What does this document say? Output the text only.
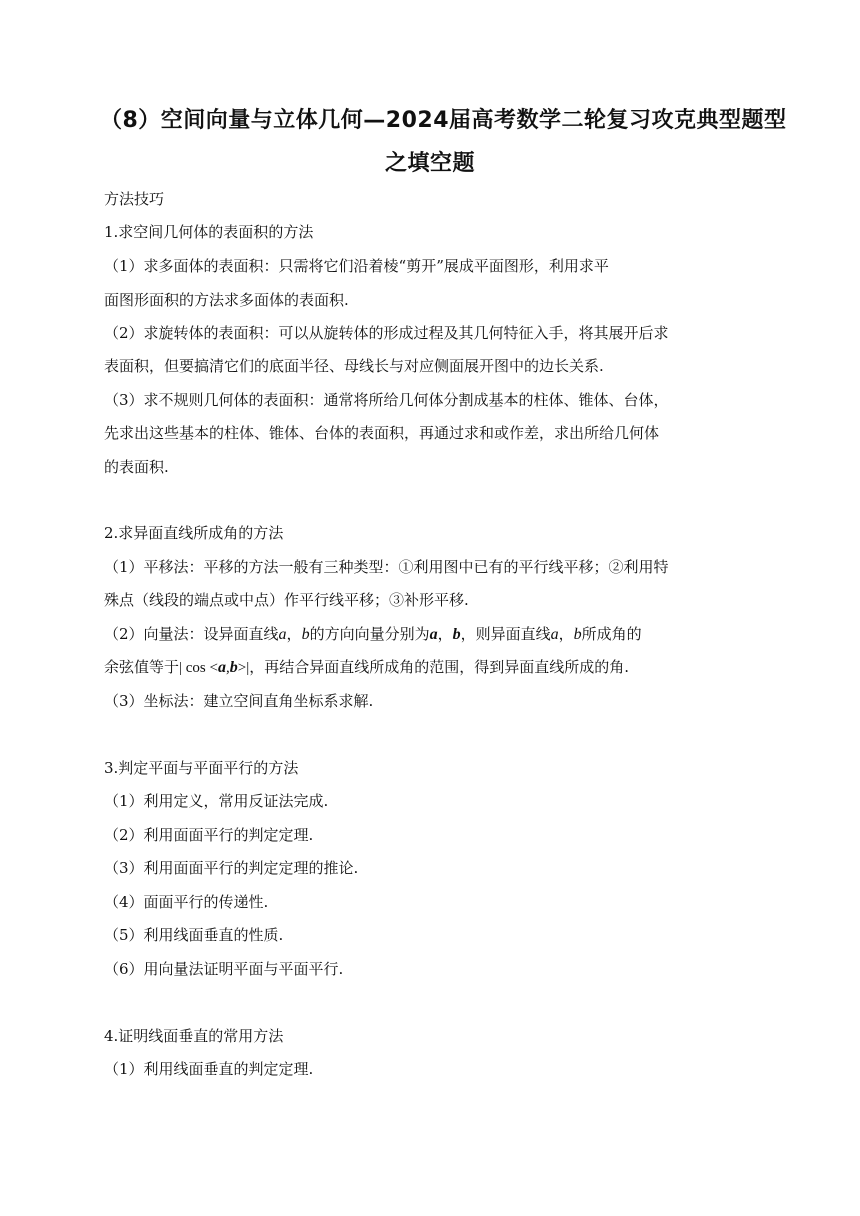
（8）空间向量与立体几何—2024届高考数学二轮复习攻克典型题型
之填空题
方法技巧
1.求空间几何体的表面积的方法
（1）求多面体的表面积：只需将它们沿着棱“剪开”展成平面图形，利用求平
面图形面积的方法求多面体的表面积.
（2）求旋转体的表面积：可以从旋转体的形成过程及其几何特征入手，将其展开后求
表面积，但要搞清它们的底面半径、母线长与对应侧面展开图中的边长关系.
（3）求不规则几何体的表面积：通常将所给几何体分割成基本的柱体、锥体、台体，
先求出这些基本的柱体、锥体、台体的表面积，再通过求和或作差，求出所给几何体
的表面积.
2.求异面直线所成角的方法
（1）平移法：平移的方法一般有三种类型：①利用图中已有的平行线平移；②利用特
殊点（线段的端点或中点）作平行线平移；③补形平移.
（2）向量法：设异面直线a，b的方向向量分别为a，b，则异面直线a，b所成角的
余弦值等于| cos <a,b>|，再结合异面直线所成角的范围，得到异面直线所成的角.
（3）坐标法：建立空间直角坐标系求解.
3.判定平面与平面平行的方法
（1）利用定义，常用反证法完成.
（2）利用面面平行的判定定理.
（3）利用面面平行的判定定理的推论.
（4）面面平行的传递性.
（5）利用线面垂直的性质.
（6）用向量法证明平面与平面平行.
4.证明线面垂直的常用方法
（1）利用线面垂直的判定定理.
